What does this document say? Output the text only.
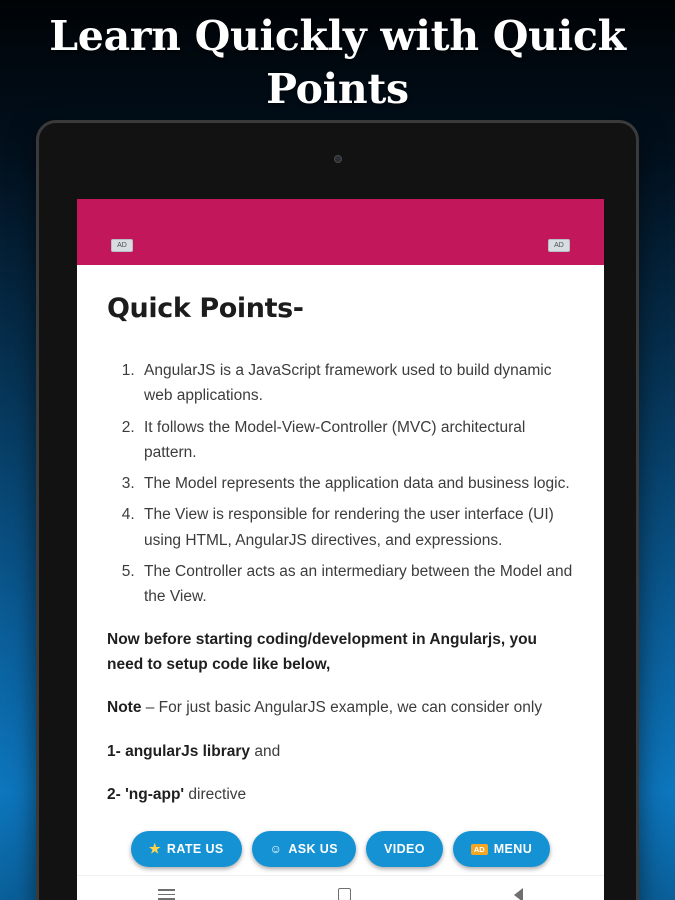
Learn Quickly with Quick Points
AD	AD
Quick Points-
1. AngularJS is a JavaScript framework used to build dynamic web applications.
2. It follows the Model-View-Controller (MVC) architectural pattern.
3. The Model represents the application data and business logic.
4. The View is responsible for rendering the user interface (UI) using HTML, AngularJS directives, and expressions.
5. The Controller acts as an intermediary between the Model and the View.
Now before starting coding/development in Angularjs, you need to setup code like below,
Note – For just basic AngularJS example, we can consider only
1- angularJs library and
2- 'ng-app' directive
★ RATE US	☺ ASK US	VIDEO	AD MENU
